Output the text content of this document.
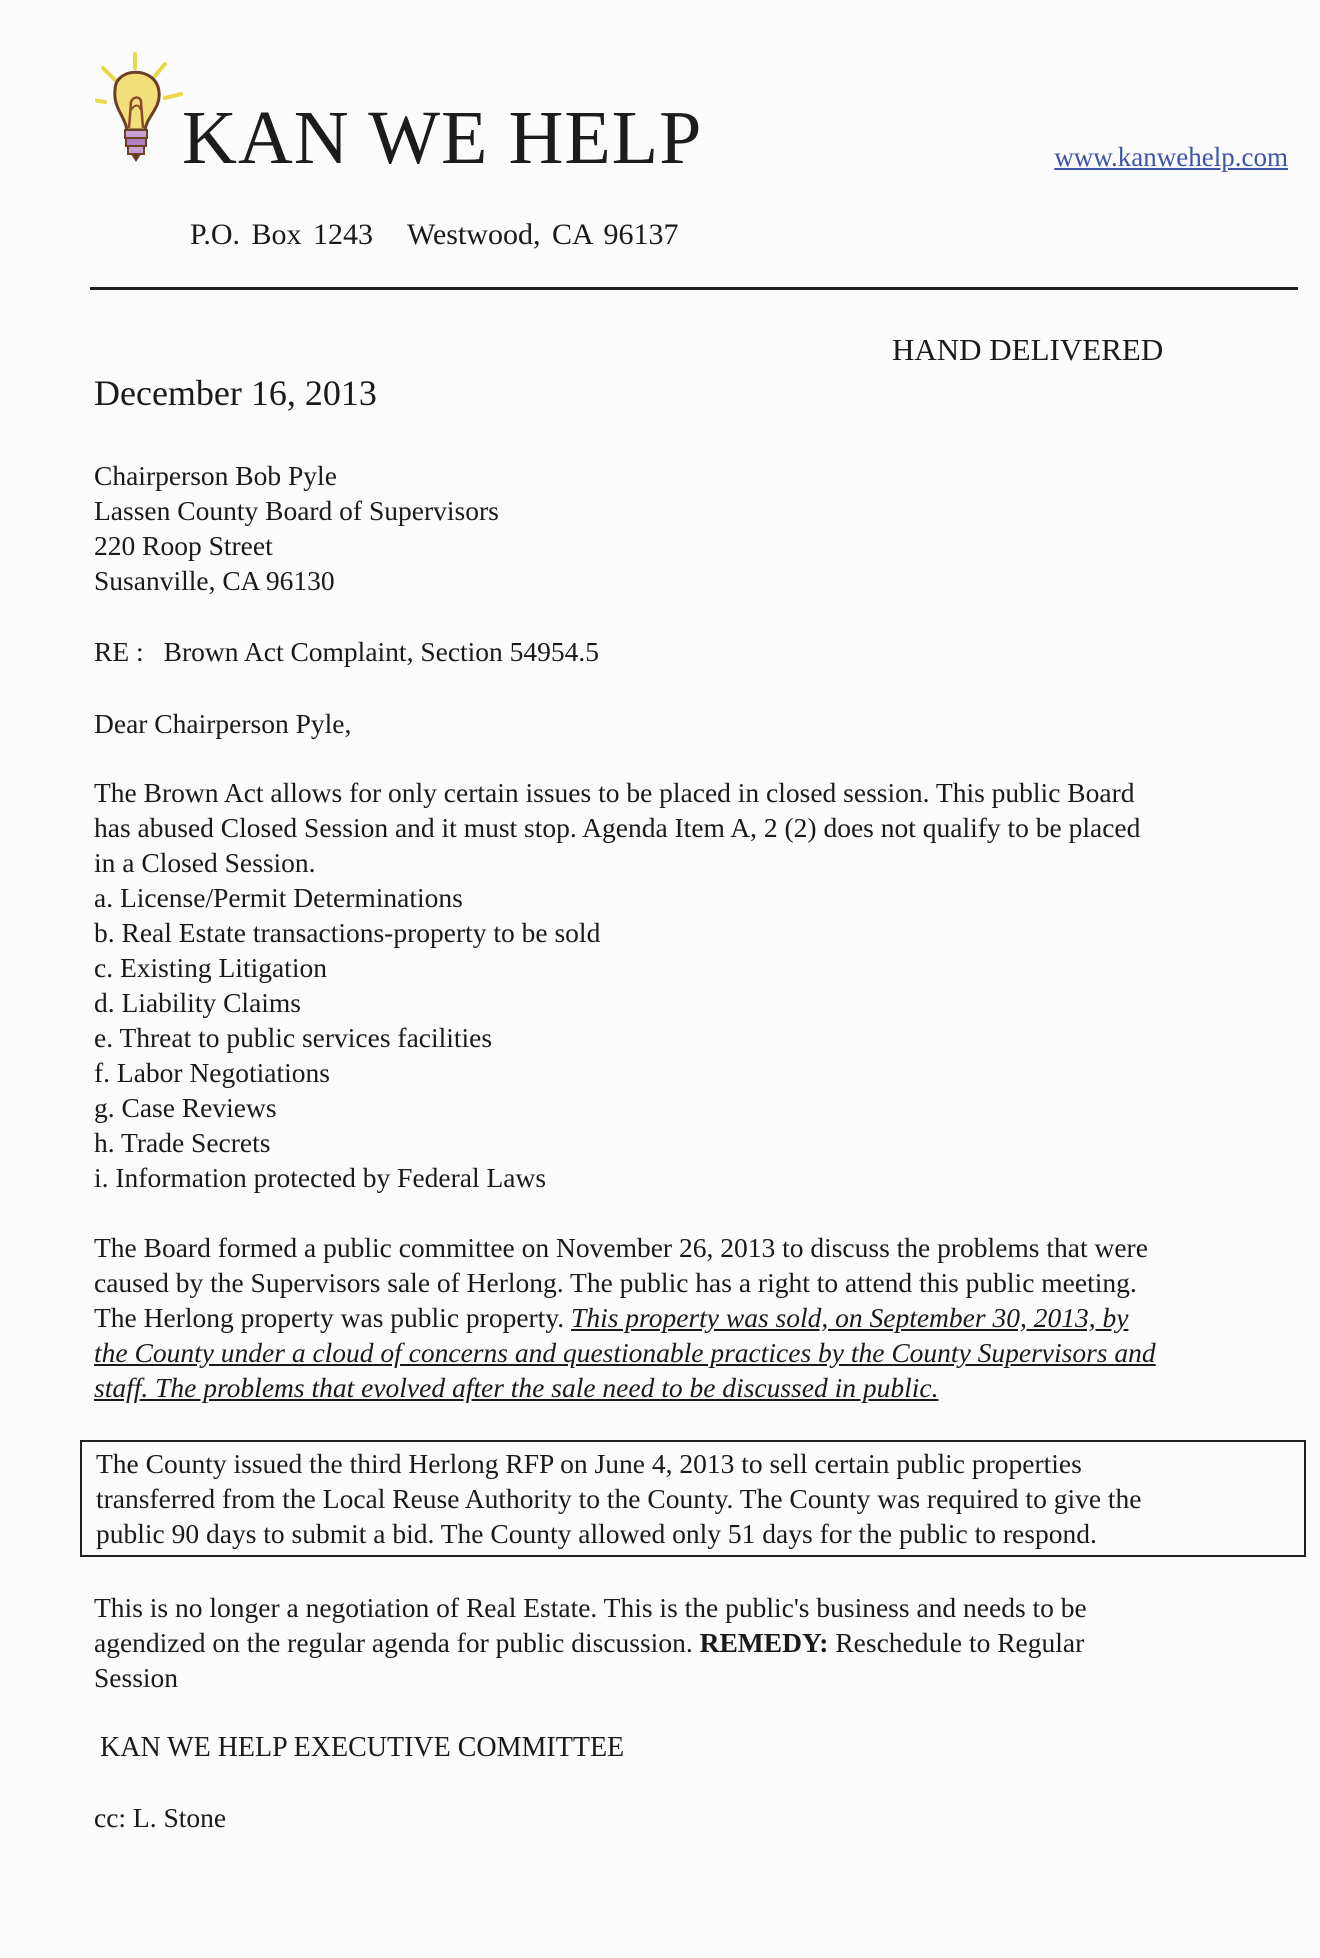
KAN WE HELP	www.kanwehelp.com
P.O. Box 1243 Westwood, CA 96137
HAND DELIVERED
December 16, 2013
Chairperson Bob Pyle
Lassen County Board of Supervisors
220 Roop Street
Susanville, CA 96130
RE : Brown Act Complaint, Section 54954.5
Dear Chairperson Pyle,
The Brown Act allows for only certain issues to be placed in closed session. This public Board
has abused Closed Session and it must stop. Agenda Item A, 2 (2) does not qualify to be placed
in a Closed Session.
a. License/Permit Determinations
b. Real Estate transactions-property to be sold
c. Existing Litigation
d. Liability Claims
e. Threat to public services facilities
f. Labor Negotiations
g. Case Reviews
h. Trade Secrets
i. Information protected by Federal Laws
The Board formed a public committee on November 26, 2013 to discuss the problems that were
caused by the Supervisors sale of Herlong. The public has a right to attend this public meeting.
The Herlong property was public property. This property was sold, on September 30, 2013, by
the County under a cloud of concerns and questionable practices by the County Supervisors and
staff. The problems that evolved after the sale need to be discussed in public.
The County issued the third Herlong RFP on June 4, 2013 to sell certain public properties
transferred from the Local Reuse Authority to the County. The County was required to give the
public 90 days to submit a bid. The County allowed only 51 days for the public to respond.
This is no longer a negotiation of Real Estate. This is the public's business and needs to be
agendized on the regular agenda for public discussion. REMEDY: Reschedule to Regular
Session
KAN WE HELP EXECUTIVE COMMITTEE
cc: L. Stone
